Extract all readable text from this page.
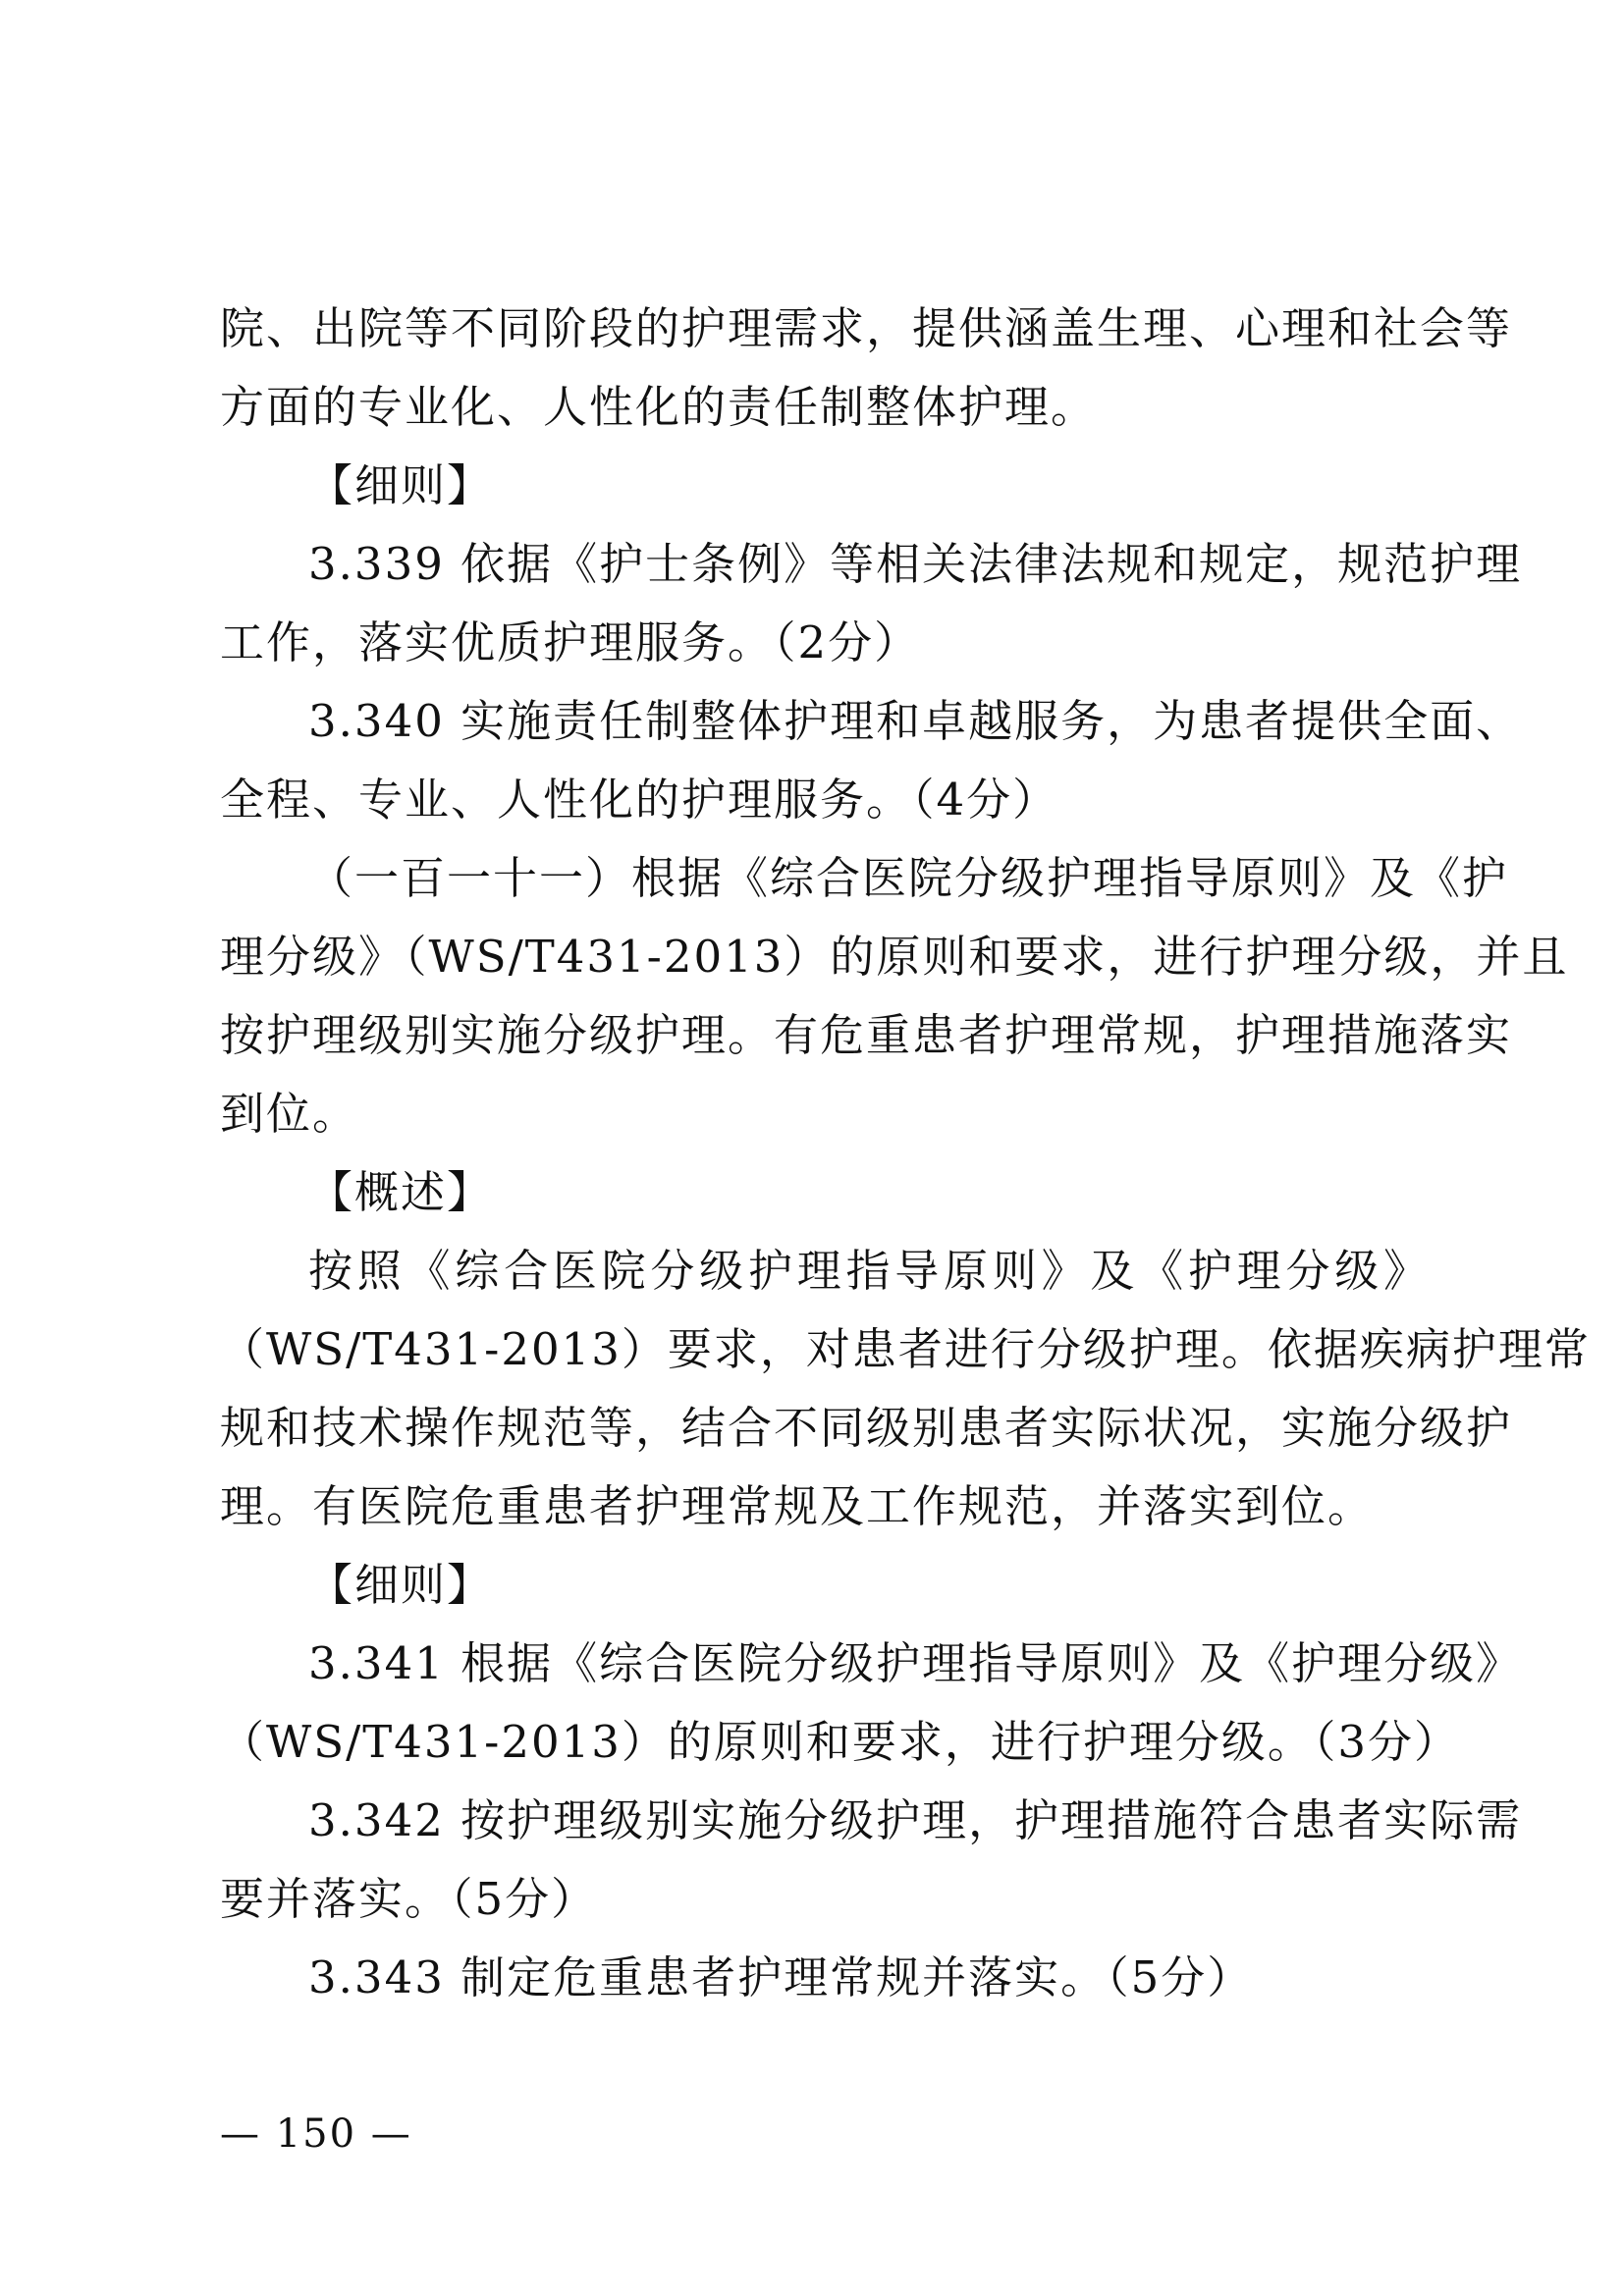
院、出院等不同阶段的护理需求，提供涵盖生理、心理和社会等
方面的专业化、人性化的责任制整体护理。
【细则】
3.339 依据《护士条例》等相关法律法规和规定，规范护理
工作，落实优质护理服务。（2分）
3.340 实施责任制整体护理和卓越服务，为患者提供全面、
全程、专业、人性化的护理服务。（4分）
（一百一十一）根据《综合医院分级护理指导原则》及《护
理分级》（WS/T431-2013）的原则和要求，进行护理分级，并且
按护理级别实施分级护理。有危重患者护理常规，护理措施落实
到位。
【概述】
按照《综合医院分级护理指导原则》及《护理分级》
（WS/T431-2013）要求，对患者进行分级护理。依据疾病护理常
规和技术操作规范等，结合不同级别患者实际状况，实施分级护
理。有医院危重患者护理常规及工作规范，并落实到位。
【细则】
3.341 根据《综合医院分级护理指导原则》及《护理分级》
（WS/T431-2013）的原则和要求，进行护理分级。（3分）
3.342 按护理级别实施分级护理，护理措施符合患者实际需
要并落实。（5分）
3.343 制定危重患者护理常规并落实。（5分）
— 150 —
